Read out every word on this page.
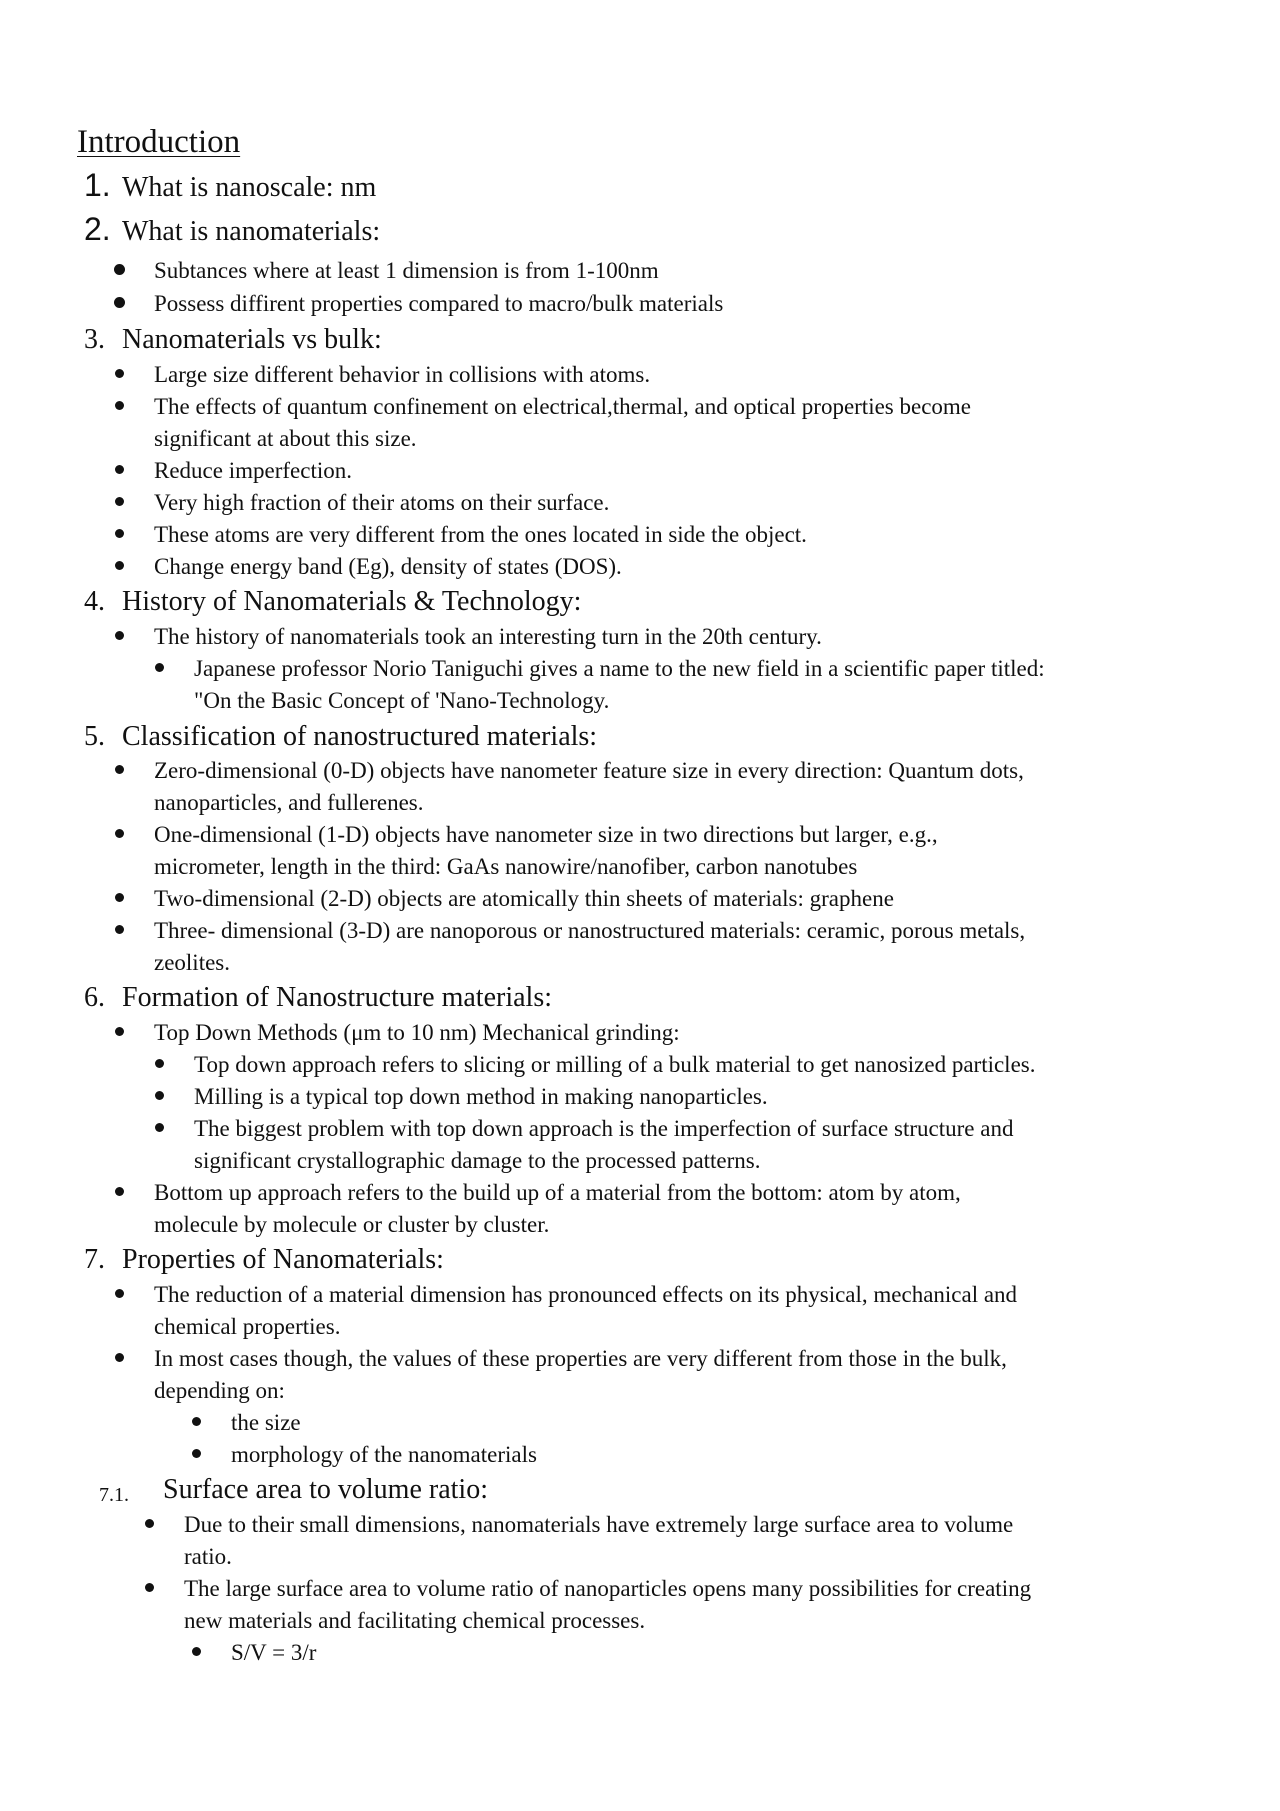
Introduction
1. What is nanoscale: nm
2. What is nanomaterials:
Subtances where at least 1 dimension is from 1-100nm
Possess diffirent properties compared to macro/bulk materials
3. Nanomaterials vs bulk:
Large size different behavior in collisions with atoms.
The effects of quantum confinement on electrical,thermal, and optical properties become
significant at about this size.
Reduce imperfection.
Very high fraction of their atoms on their surface.
These atoms are very different from the ones located in side the object.
Change energy band (Eg), density of states (DOS).
4. History of Nanomaterials & Technology:
The history of nanomaterials took an interesting turn in the 20th century.
Japanese professor Norio Taniguchi gives a name to the new field in a scientific paper titled:
"On the Basic Concept of 'Nano-Technology.
5. Classification of nanostructured materials:
Zero-dimensional (0-D) objects have nanometer feature size in every direction: Quantum dots,
nanoparticles, and fullerenes.
One-dimensional (1-D) objects have nanometer size in two directions but larger, e.g.,
micrometer, length in the third: GaAs nanowire/nanofiber, carbon nanotubes
Two-dimensional (2-D) objects are atomically thin sheets of materials: graphene
Three- dimensional (3-D) are nanoporous or nanostructured materials: ceramic, porous metals,
zeolites.
6. Formation of Nanostructure materials:
Top Down Methods (μm to 10 nm) Mechanical grinding:
Top down approach refers to slicing or milling of a bulk material to get nanosized particles.
Milling is a typical top down method in making nanoparticles.
The biggest problem with top down approach is the imperfection of surface structure and
significant crystallographic damage to the processed patterns.
Bottom up approach refers to the build up of a material from the bottom: atom by atom,
molecule by molecule or cluster by cluster.
7. Properties of Nanomaterials:
The reduction of a material dimension has pronounced effects on its physical, mechanical and
chemical properties.
In most cases though, the values of these properties are very different from those in the bulk,
depending on:
the size
morphology of the nanomaterials
7.1. Surface area to volume ratio:
Due to their small dimensions, nanomaterials have extremely large surface area to volume
ratio.
The large surface area to volume ratio of nanoparticles opens many possibilities for creating
new materials and facilitating chemical processes.
S/V = 3/r
